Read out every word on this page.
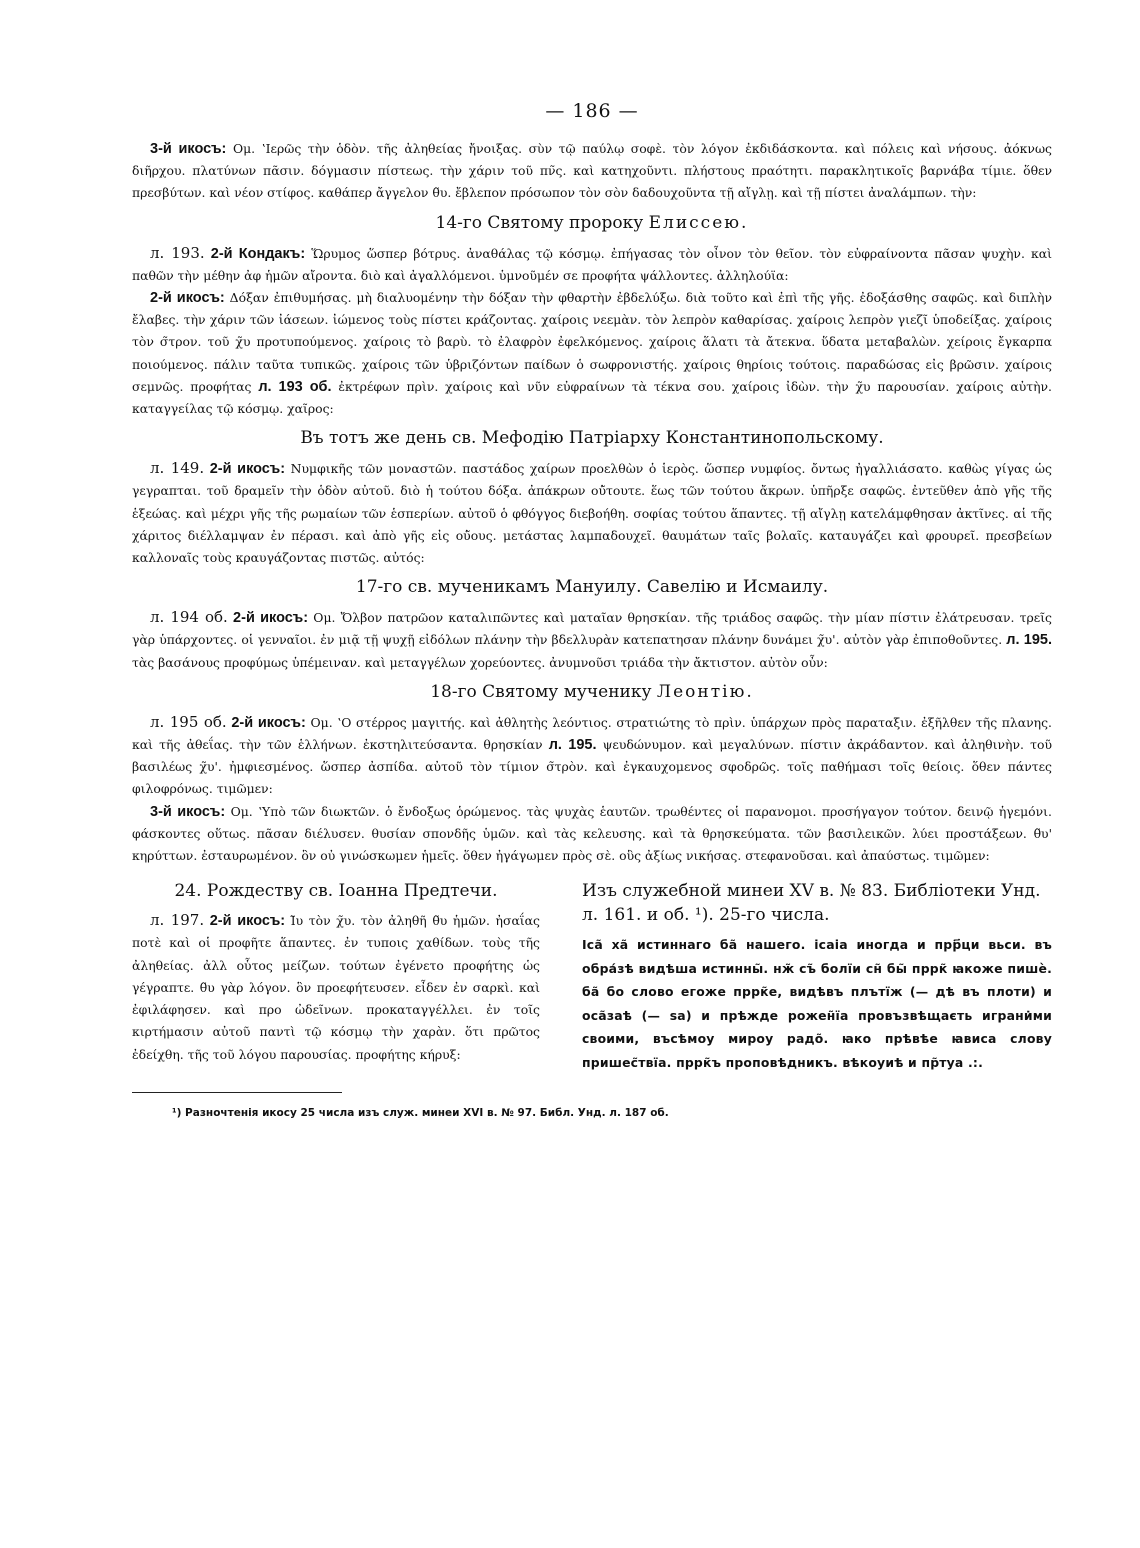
— 186 —

3-й икосъ: Ομ. ʽΙερῶς τὴν ὁδὸν. τῆς ἀληθείας ἤνοιξας. σὺν τῷ παύλῳ σοφὲ. τὸν λόγον ἐκδιδάσκοντα. καὶ πόλεις καὶ νήσους. ἀόκνως διῆρχου. πλατύνων πᾶσιν. δόγμασιν πίστεως. τὴν χάριν τοῦ πν̃ς. καὶ κατηχοῦντι. πλήστους πραότητι. παρακλητικοῖς βαρνάβα τίμιε. ὅθεν πρεσβύτων. καὶ νέον στίφος. καθάπερ ἄγγελον θ̃υ. ἔβλεπον πρόσωπον τὸν σὸν δαδουχοῦντα τῇ αἴγλῃ. καὶ τῇ πίστει ἀναλάμπων. τὴν:

14-го Святому пророку Елиссею.

л. 193. 2-й Кондакъ: Ὥρυμος ὥσπερ βότρυς. ἀναθάλας τῷ κόσμῳ. ἐπήγασας τὸν οἶνον τὸν θεῖον. τὸν εὐφραίνοντα πᾶσαν ψυχὴν. καὶ παθῶν τὴν μέθην ἀφ ἡμῶν αἴροντα. διὸ καὶ ἀγαλλόμενοι. ὑμνοῦμέν σε προφήτα ψάλλοντες. ἀλληλούϊα:

2-й икосъ: Δόξαν ἐπιθυμήσας. μὴ διαλυομένην τὴν δόξαν τὴν φθαρτὴν ἐβδελύξω. διὰ τοῦτο καὶ ἐπὶ τῆς γῆς. ἐδοξάσθης σαφῶς. καὶ διπλὴν ἔλαβες. τὴν χάριν τῶν ἰάσεων. ἰώμενος τοὺς πίστει κράζοντας. χαίροις νεεμὰν. τὸν λεπρὸν καθαρίσας. χαίροις λεπρὸν γιεζῖ ὑποδείξας. χαίροις τὸν σ̃τρον. τοῦ χ̃υ προτυπούμενος. χαίροις τὸ βαρὺ. τὸ ἐλαφρὸν ἐφελκόμενος. χαίροις ἅλατι τὰ ἄτεκνα. ὕδατα μεταβαλὼν. χείροις ἔγκαρπα ποιούμενος. πάλιν ταῦτα τυπικῶς. χαίροις τῶν ὑβριζόντων παίδων ὁ σωφρονιστής. χαίροις θηρίοις τούτοις. παραδώσας εἰς βρῶσιν. χαίροις σεμνῶς. προφήτας л. 193 об. ἐκτρέφων πρὶν. χαίροις καὶ νῦν εὐφραίνων τὰ τέκνα σου. χαίροις ἰδὼν. τὴν χ̃υ παρουσίαν. χαίροις αὐτὴν. καταγγείλας τῷ κόσμῳ. χαῖρος:

Въ тотъ же день св. Мефодію Патріарху Константинопольскому.

л. 149. 2-й икосъ: Νυμφικῆς τῶν μοναστῶν. παστάδος χαίρων προελθὼν ὁ ἱερὸς. ὥσπερ νυμφίος. ὄντως ἠγαλλιάσατο. καθὼς γίγας ὡς γεγραπται. τοῦ δραμεῖν τὴν ὁδὸν αὐτοῦ. διὸ ἡ τούτου δόξα. ἀπάκρων οὐ̃τουτε. ἕως τῶν τούτου ἄκρων. ὑπῆρξε σαφῶς. ἐντεῦθεν ἀπὸ γῆς τῆς ἑξεώας. καὶ μέχρι γῆς τῆς ρωμαίων τῶν ἑσπερίων. αὐτοῦ ὁ φθόγγος διεβοήθη. σοφίας τούτου ἅπαντες. τῇ αἴγλῃ κατελάμφθησαν ἀκτῖνες. αἱ τῆς χάριτος διέλλαμψαν ἐν πέρασι. καὶ ἀπὸ γῆς εἰς οὐ̃ους. μετάστας λαμπαδουχεῖ. θαυμάτων ταῖς βολαῖς. καταυγάζει καὶ φρουρεῖ. πρεσβείων καλλοναῖς τοὺς κραυγάζοντας πιστῶς. αὐτός:

17-го св. мученикамъ Мануилу. Савелію и Исмаилу.

л. 194 об. 2-й икосъ: Ομ. Ὄλβον πατρῶον καταλιπῶντες καὶ ματαῖαν θρησκίαν. τῆς τριάδος σαφῶς. τὴν μίαν πίστιν ἐλάτρευσαν. τρεῖς γὰρ ὑπάρχοντες. οἱ γενναῖοι. ἐν μιᾷ τῇ ψυχῇ εἰδόλων πλάνην τὴν βδελλυρὰν κατεπατησαν πλάνην δυνάμει χ̃υ'. αὐτὸν γὰρ ἐπιποθοῦντες. л. 195. τὰς βασάνους προφύμως ὑπέμειναν. καὶ μεταγγέλων χορεύοντες. ἀνυμνοῦσι τριάδα τὴν ἄκτιστον. αὐτὸν οὖν:

18-го Святому мученику Леонтію.

л. 195 об. 2-й икосъ: Ομ. ʽΟ στέρρος μαγιτής. καὶ ἀθλητὴς λεόντιος. στρατιώτης τὸ πρὶν. ὑπάρχων πρὸς παραταξιν. ἐξῆλθεν τῆς πλανης. καὶ τῆς ἀθεΐας. τὴν τῶν ἑλλήνων. ἐκστηλιτεύσαντα. θρησκίαν л. 195. ψευδώνυμον. καὶ μεγαλύνων. πίστιν ἀκράδαντον. καὶ ἀληθινὴν. τοῦ βασιλέως χ̃υ'. ἠμφιεσμένος. ὥσπερ ἀσπίδα. αὐτοῦ τὸν τίμιον σ̃τρὸν. καὶ ἐγκαυχομενος σφοδρῶς. τοῖς παθήμασι τοῖς θείοις. ὅθεν πάντες φιλοφρόνως. τιμῶμεν:

3-й икосъ: Ομ. ʽΥπὸ τῶν διωκτῶν. ὁ ἔνδοξως ὁρώμενος. τὰς ψυχὰς ἑαυτῶν. τρωθέντες οἱ παρανομοι. προσήγαγον τούτον. δεινῷ ἡγεμόνι. φάσκοντες οὕτως. πᾶσαν διέλυσεν. θυσίαν σπονδῆς ὑμῶν. καὶ τὰς κελευσης. καὶ τὰ θρησκεύματα. τῶν βασιλεικῶν. λύει προστάξεων. θ̃υ' κηρύττων. ἐσταυρωμένον. ὃν οὐ γινώσκωμεν ἡμεῖς. ὅθεν ἠγάγωμεν πρὸς σὲ. οὓς ἀξίως νικήσας. στεφανοῦσαι. καὶ ἀπαύστως. τιμῶμεν:

24. Рождеству св. Іоанна Предтечи.

л. 197. 2-й икосъ: Ι̃υ τὸν χ̃υ. τὸν ἀληθῆ θ̃υ ἡμῶν. ἠσαΐας ποτὲ καὶ οἱ προφῆτε ἅπαντες. ἐν τυποις χαθίδων. τοὺς τῆς ἀληθείας. ἀλλ οὗτος μείζων. τούτων ἐγένετο προφήτης ὡς γέγραπτε. θ̃υ γὰρ λόγον. ὃν προεφήτευσεν. εἶδεν ἐν σαρκὶ. καὶ ἐφιλάφησεν. καὶ προ ὠδεῖνων. προκαταγγέλλει. ἐν τοῖς κιρτήμασιν αὐτοῦ παντὶ τῷ κόσμῳ τὴν χαρὰν. ὅτι πρῶτος ἐδείχθη. τῆς τοῦ λόγου παρουσίας. προφήτης κήρυξ:

Изъ служебной минеи XV в. № 83. Библіотеки Унд. л. 161. и об. ¹). 25-го числа.

Іса̃ ха̃ истиннаго ба̃ нашего. ісаіа иногда и прр҃ци вьси. въ обра́зѣ видѣша истинны̃. нж̃ съ̃ болїи сн̃ бы̃ пррк̃ ꙗкоже пишѐ. ба̃ бо слово егоже пррк̃е, видѣвъ плътїж (— дѣ въ плоти) и оса̃заѣ (— ѕа) и прѣжде рожен̃їа провъзвѣщаєть играни̇ми своими, въсѣмоу мироу радо̃. ꙗко прѣвѣе ꙗвиса слову пришес̃твїа. пррк̃ъ проповѣдникъ. вѣкоуиѣ и пр̃туа .:.

¹) Разночтенія икосу 25 числа изъ служ. минеи XVI в. № 97. Библ. Унд. л. 187 об.
